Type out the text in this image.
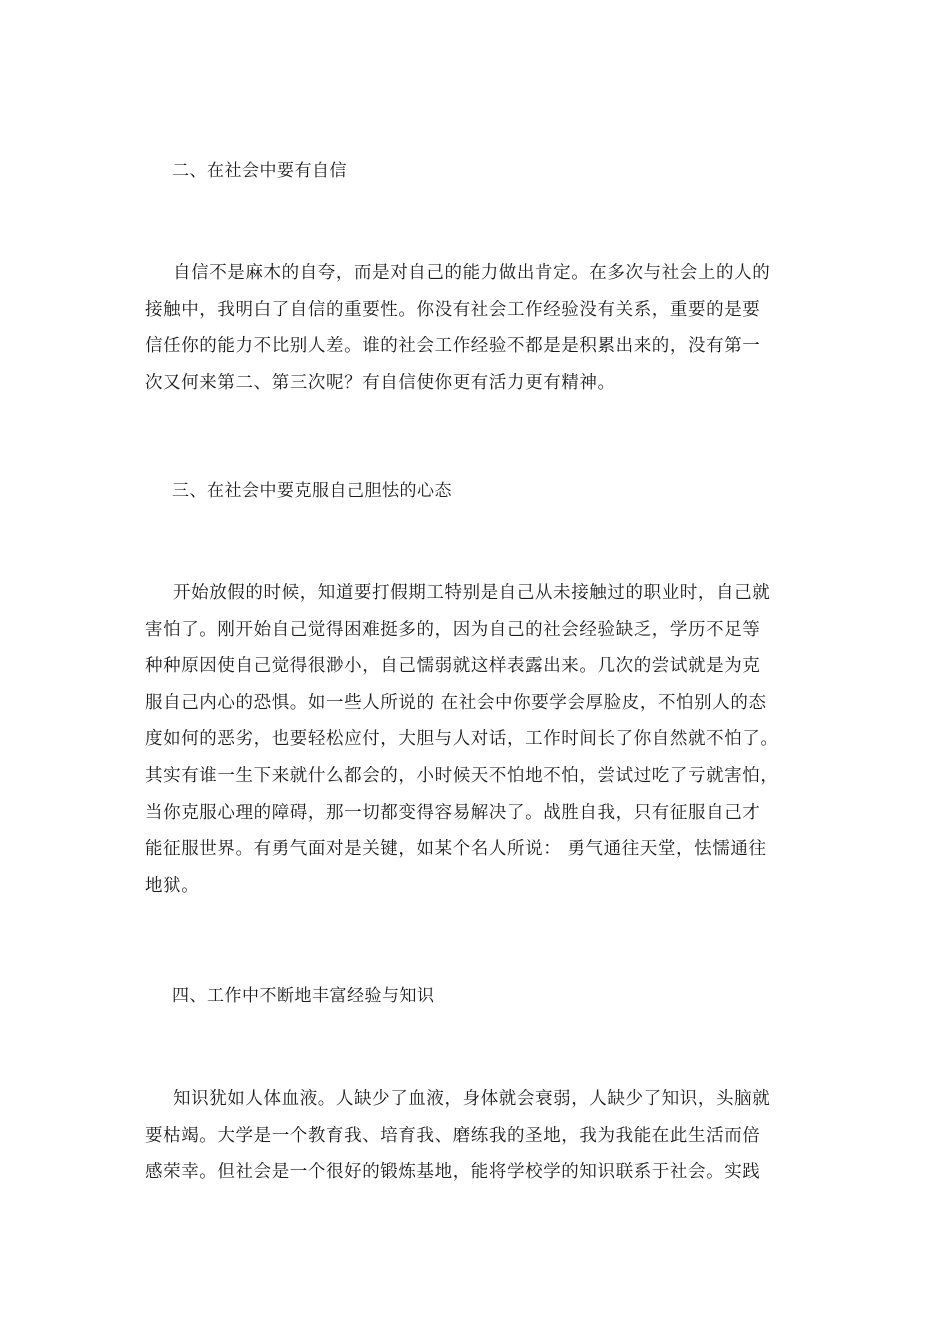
二、在社会中要有自信
自信不是麻木的自夸，而是对自己的能力做出肯定。在多次与社会上的人的
接触中，我明白了自信的重要性。你没有社会工作经验没有关系，重要的是要
信任你的能力不比别人差。谁的社会工作经验不都是是积累出来的，没有第一
次又何来第二、第三次呢？有自信使你更有活力更有精神。
三、在社会中要克服自己胆怯的心态
开始放假的时候，知道要打假期工特别是自己从未接触过的职业时，自己就
害怕了。刚开始自己觉得困难挺多的，因为自己的社会经验缺乏，学历不足等
种种原因使自己觉得很渺小，自己懦弱就这样表露出来。几次的尝试就是为克
服自己内心的恐惧。如一些人所说的 在社会中你要学会厚脸皮，不怕别人的态
度如何的恶劣，也要轻松应付，大胆与人对话，工作时间长了你自然就不怕了。
其实有谁一生下来就什么都会的，小时候天不怕地不怕，尝试过吃了亏就害怕，
当你克服心理的障碍，那一切都变得容易解决了。战胜自我，只有征服自己才
能征服世界。有勇气面对是关键，如某个名人所说： 勇气通往天堂，怯懦通往
地狱。
四、工作中不断地丰富经验与知识
知识犹如人体血液。人缺少了血液，身体就会衰弱，人缺少了知识，头脑就
要枯竭。大学是一个教育我、培育我、磨练我的圣地，我为我能在此生活而倍
感荣幸。但社会是一个很好的锻炼基地，能将学校学的知识联系于社会。实践
